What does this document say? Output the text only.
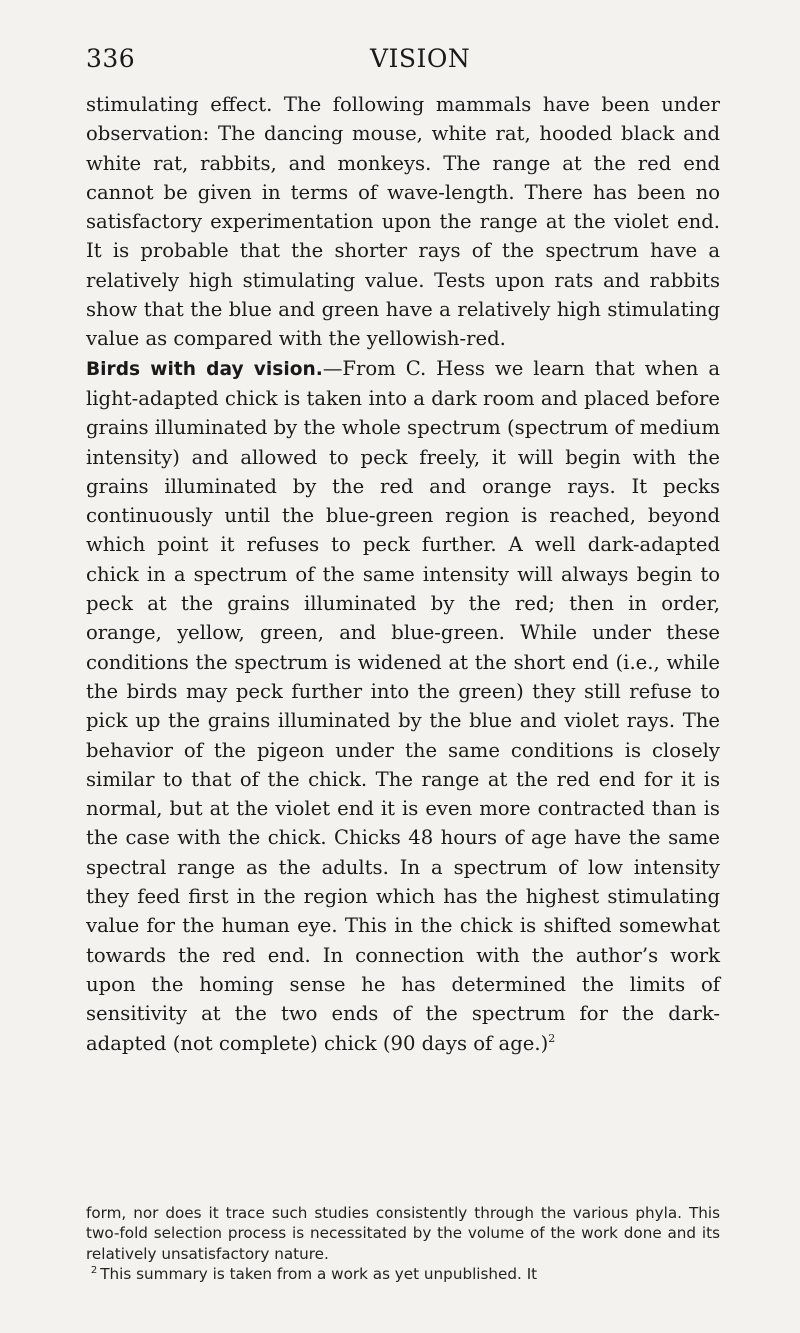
336	VISION

stimulating effect. The following mammals have been under observation: The dancing mouse, white rat, hooded black and white rat, rabbits, and monkeys. The range at the red end cannot be given in terms of wave-length. There has been no satisfactory experimentation upon the range at the violet end. It is probable that the shorter rays of the spectrum have a relatively high stimulating value. Tests upon rats and rabbits show that the blue and green have a relatively high stimulating value as compared with the yellowish-red.

Birds with day vision.—From C. Hess we learn that when a light-adapted chick is taken into a dark room and placed before grains illuminated by the whole spectrum (spectrum of medium intensity) and allowed to peck freely, it will begin with the grains illuminated by the red and orange rays. It pecks continuously until the blue-green region is reached, beyond which point it refuses to peck further. A well dark-adapted chick in a spectrum of the same intensity will always begin to peck at the grains illuminated by the red; then in order, orange, yellow, green, and blue-green. While under these conditions the spectrum is widened at the short end (i.e., while the birds may peck further into the green) they still refuse to pick up the grains illuminated by the blue and violet rays. The behavior of the pigeon under the same conditions is closely similar to that of the chick. The range at the red end for it is normal, but at the violet end it is even more contracted than is the case with the chick. Chicks 48 hours of age have the same spectral range as the adults. In a spectrum of low intensity they feed first in the region which has the highest stimulating value for the human eye. This in the chick is shifted somewhat towards the red end. In connection with the author’s work upon the homing sense he has determined the limits of sensitivity at the two ends of the spectrum for the dark-adapted (not complete) chick (90 days of age.)$^2$

form, nor does it trace such studies consistently through the various phyla. This two-fold selection process is necessitated by the volume of the work done and its relatively unsatisfactory nature.

$^2$  This summary is taken from a work as yet unpublished. It
